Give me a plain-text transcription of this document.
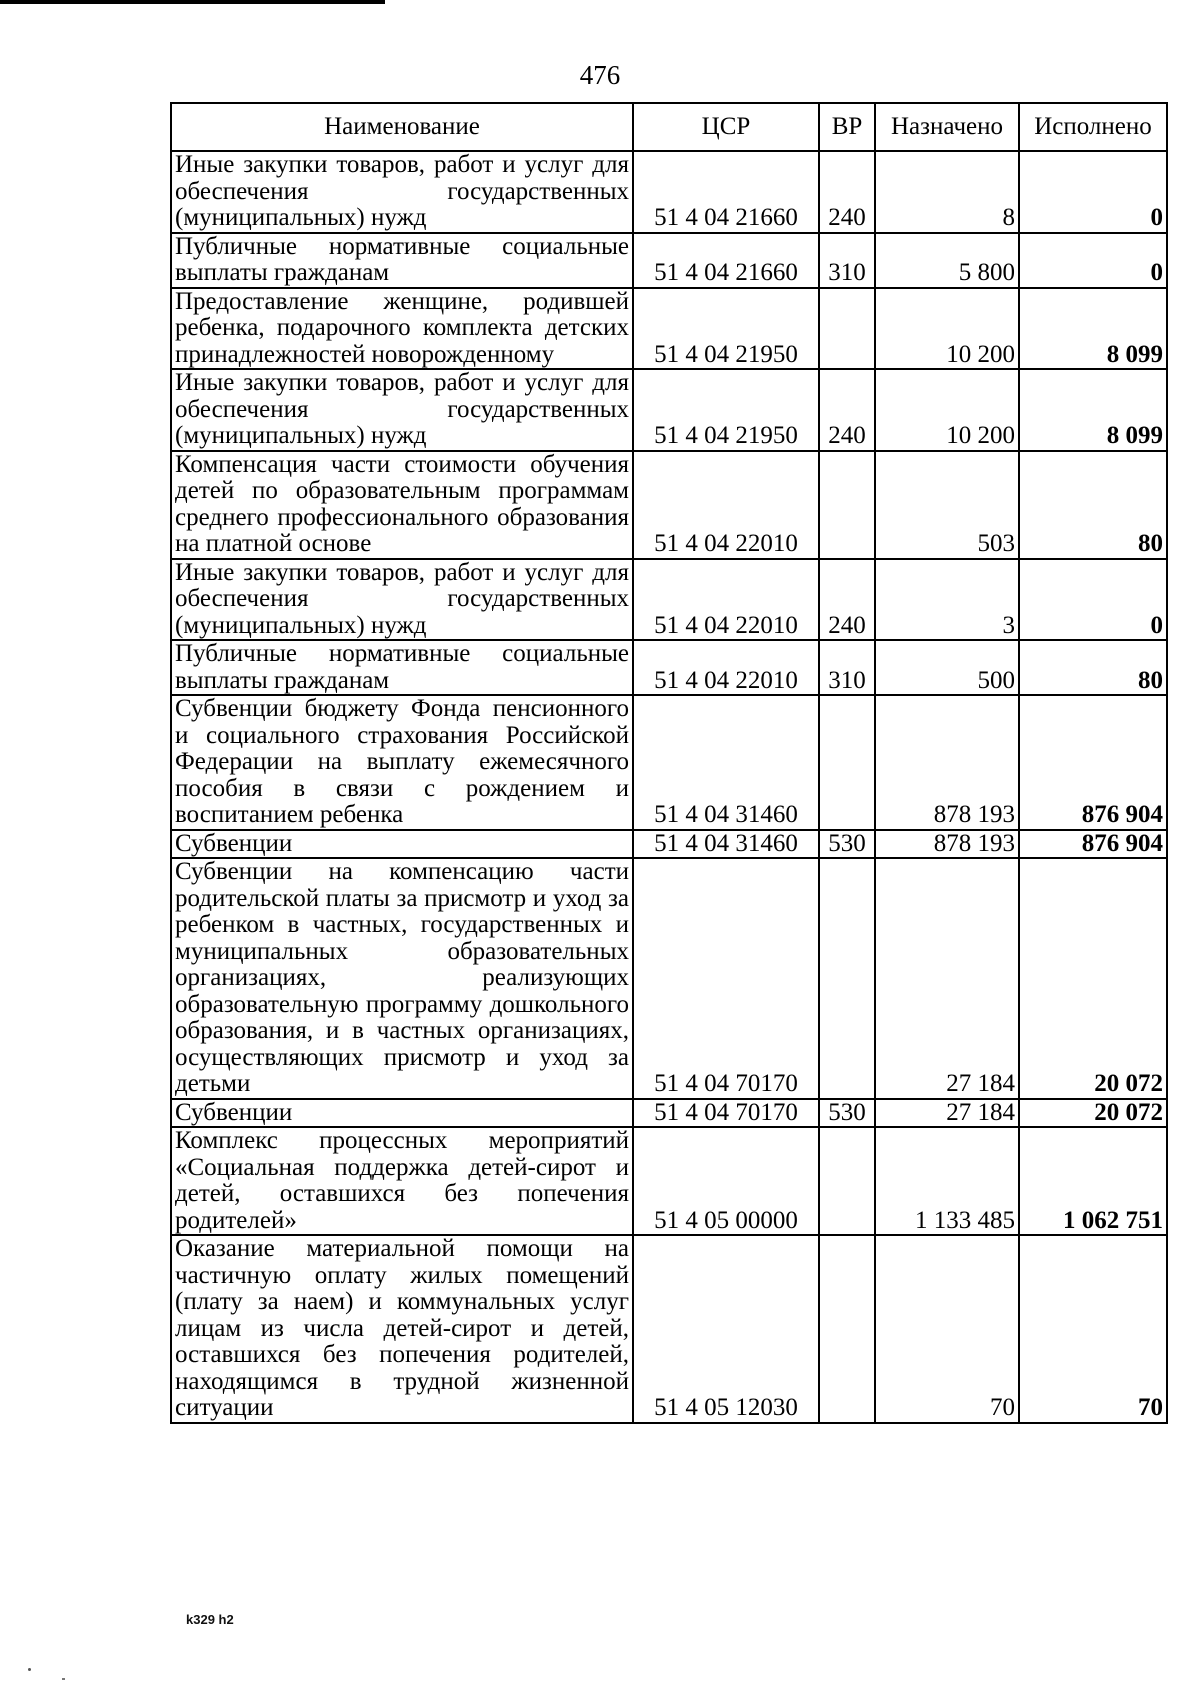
476
Наименование	ЦСР	ВР	Назначено	Исполнено
Иные закупки товаров, работ и услуг для обеспечения государственных (муниципальных) нужд	51 4 04 21660	240	8	0
Публичные нормативные социальные выплаты гражданам	51 4 04 21660	310	5 800	0
Предоставление женщине, родившей ребенка, подарочного комплекта детских принадлежностей новорожденному	51 4 04 21950		10 200	8 099
Иные закупки товаров, работ и услуг для обеспечения государственных (муниципальных) нужд	51 4 04 21950	240	10 200	8 099
Компенсация части стоимости обучения детей по образовательным программам среднего профессионального образования на платной основе	51 4 04 22010		503	80
Иные закупки товаров, работ и услуг для обеспечения государственных (муниципальных) нужд	51 4 04 22010	240	3	0
Публичные нормативные социальные выплаты гражданам	51 4 04 22010	310	500	80
Субвенции бюджету Фонда пенсионного и социального страхования Российской Федерации на выплату ежемесячного пособия в связи с рождением и воспитанием ребенка	51 4 04 31460		878 193	876 904
Субвенции	51 4 04 31460	530	878 193	876 904
Субвенции на компенсацию части родительской платы за присмотр и уход за ребенком в частных, государственных и муниципальных образовательных организациях, реализующих образовательную программу дошкольного образования, и в частных организациях, осуществляющих присмотр и уход за детьми	51 4 04 70170		27 184	20 072
Субвенции	51 4 04 70170	530	27 184	20 072
Комплекс процессных мероприятий «Социальная поддержка детей-сирот и детей, оставшихся без попечения родителей»	51 4 05 00000		1 133 485	1 062 751
Оказание материальной помощи на частичную оплату жилых помещений (плату за наем) и коммунальных услуг лицам из числа детей-сирот и детей, оставшихся без попечения родителей, находящимся в трудной жизненной ситуации	51 4 05 12030		70	70
k329 h2
